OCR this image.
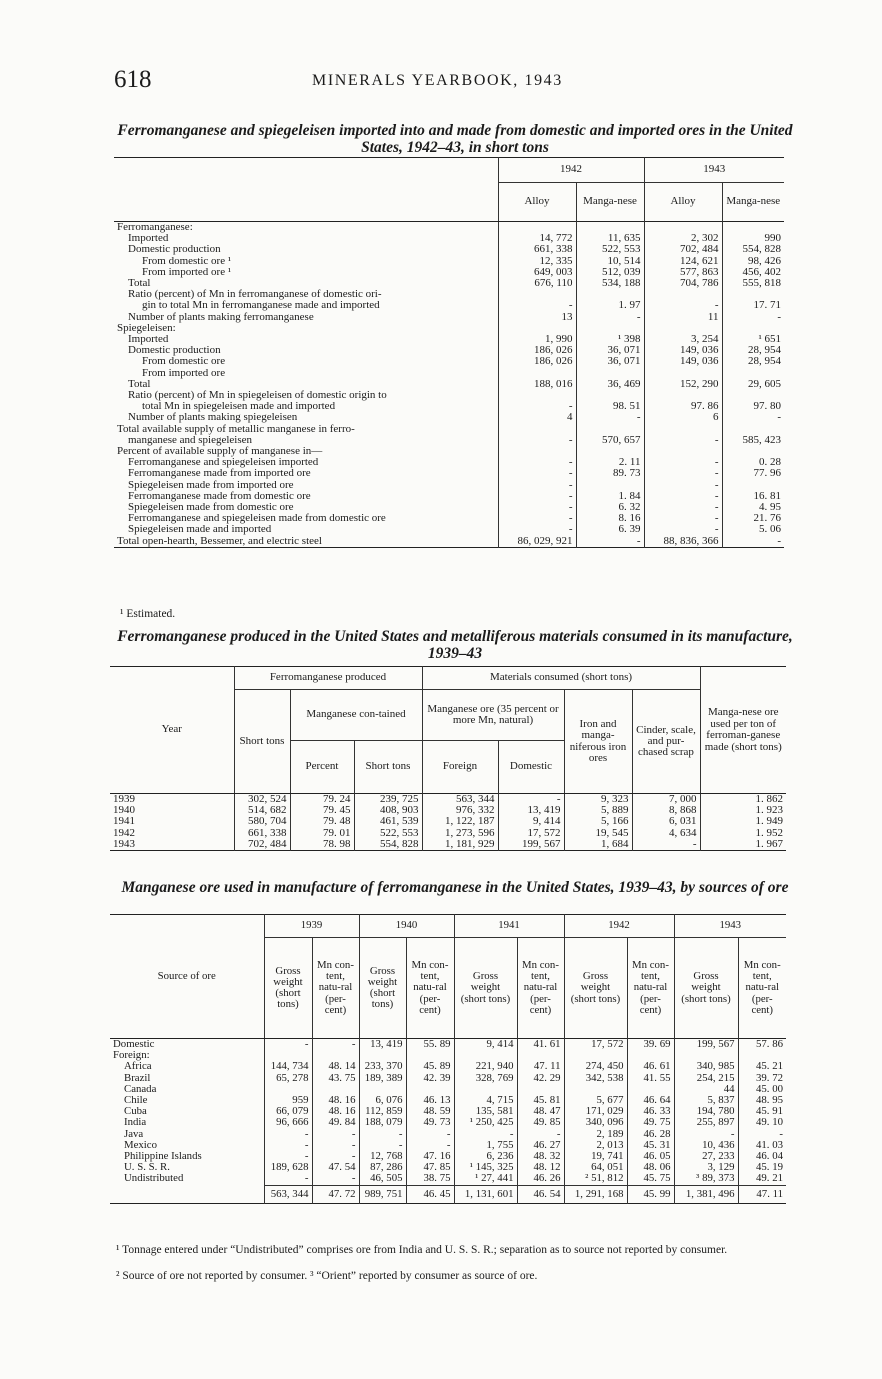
618	MINERALS YEARBOOK, 1943
Ferromanganese and spiegeleisen imported into and made from domestic and imported ores in the United States, 1942–43, in short tons
	1942		1943	
	Alloy	Manga-nese	Alloy	Manga-nese
Ferromanganese:				
Imported	14, 772	11, 635	2, 302	990
Domestic production	661, 338	522, 553	702, 484	554, 828
From domestic ore ¹	12, 335	10, 514	124, 621	98, 426
From imported ore ¹	649, 003	512, 039	577, 863	456, 402
Total	676, 110	534, 188	704, 786	555, 818
Ratio (percent) of Mn in ferromanganese of domestic ori-				
gin to total Mn in ferromanganese made and imported	-	1. 97	-	17. 71
Number of plants making ferromanganese	13	-	11	-
Spiegeleisen:				
Imported	1, 990	¹ 398	3, 254	¹ 651
Domestic production	186, 026	36, 071	149, 036	28, 954
From domestic ore	186, 026	36, 071	149, 036	28, 954
From imported ore				
Total	188, 016	36, 469	152, 290	29, 605
Ratio (percent) of Mn in spiegeleisen of domestic origin to				
total Mn in spiegeleisen made and imported	-	98. 51	97. 86	97. 80
Number of plants making spiegeleisen	4	-	6	-
Total available supply of metallic manganese in ferro-				
manganese and spiegeleisen	-	570, 657	-	585, 423
Percent of available supply of manganese in—				
Ferromanganese and spiegeleisen imported	-	2. 11	-	0. 28
Ferromanganese made from imported ore	-	89. 73	-	77. 96
Spiegeleisen made from imported ore	-		-	
Ferromanganese made from domestic ore	-	1. 84	-	16. 81
Spiegeleisen made from domestic ore	-	6. 32	-	4. 95
Ferromanganese and spiegeleisen made from domestic ore	-	8. 16	-	21. 76
Spiegeleisen made and imported	-	6. 39	-	5. 06
Total open-hearth, Bessemer, and electric steel	86, 029, 921	-	88, 836, 366	-
¹ Estimated.
Ferromanganese produced in the United States and metalliferous materials consumed in its manufacture, 1939–43
Year	Ferromanganese produced			Materials consumed (short tons)				Manga-nese ore used per ton of ferroman-ganese made (short tons)
	Short tons	Manganese con-tained		Manganese ore (35 percent or more Mn, natural)		Iron and manga-niferous iron ores	Cinder, scale, and pur-chased scrap	
		Percent	Short tons	Foreign	Domestic			
1939	302, 524	79. 24	239, 725	563, 344	-	9, 323	7, 000	1. 862
1940	514, 682	79. 45	408, 903	976, 332	13, 419	5, 889	8, 868	1. 923
1941	580, 704	79. 48	461, 539	1, 122, 187	9, 414	5, 166	6, 031	1. 949
1942	661, 338	79. 01	522, 553	1, 273, 596	17, 572	19, 545	4, 634	1. 952
1943	702, 484	78. 98	554, 828	1, 181, 929	199, 567	1, 684	-	1. 967
Manganese ore used in manufacture of ferromanganese in the United States, 1939–43, by sources of ore
Source of ore	1939		1940		1941		1942		1943	
	Gross weight (short tons)	Mn con-tent, natu-ral (per-cent)	Gross weight (short tons)	Mn con-tent, natu-ral (per-cent)	Gross weight (short tons)	Mn con-tent, natu-ral (per-cent)	Gross weight (short tons)	Mn con-tent, natu-ral (per-cent)	Gross weight (short tons)	Mn con-tent, natu-ral (per-cent)
Domestic	-	-	13, 419	55. 89	9, 414	41. 61	17, 572	39. 69	199, 567	57. 86
Foreign:										
Africa	144, 734	48. 14	233, 370	45. 89	221, 940	47. 11	274, 450	46. 61	340, 985	45. 21
Brazil	65, 278	43. 75	189, 389	42. 39	328, 769	42. 29	342, 538	41. 55	254, 215	39. 72
Canada									44	45. 00
Chile	959	48. 16	6, 076	46. 13	4, 715	45. 81	5, 677	46. 64	5, 837	48. 95
Cuba	66, 079	48. 16	112, 859	48. 59	135, 581	48. 47	171, 029	46. 33	194, 780	45. 91
India	96, 666	49. 84	188, 079	49. 73	¹ 250, 425	49. 85	340, 096	49. 75	255, 897	49. 10
Java	-	-	-	-	-	-	2, 189	46. 28	-	-
Mexico	-	-	-	-	1, 755	46. 27	2, 013	45. 31	10, 436	41. 03
Philippine Islands	-	-	12, 768	47. 16	6, 236	48. 32	19, 741	46. 05	27, 233	46. 04
U. S. S. R.	189, 628	47. 54	87, 286	47. 85	¹ 145, 325	48. 12	64, 051	48. 06	3, 129	45. 19
Undistributed	-	-	46, 505	38. 75	¹ 27, 441	46. 26	² 51, 812	45. 75	³ 89, 373	49. 21
	563, 344	47. 72	989, 751	46. 45	1, 131, 601	46. 54	1, 291, 168	45. 99	1, 381, 496	47. 11
¹ Tonnage entered under “Undistributed” comprises ore from India and U. S. S. R.; separation as to source not reported by consumer.
² Source of ore not reported by consumer. ³ “Orient” reported by consumer as source of ore.
